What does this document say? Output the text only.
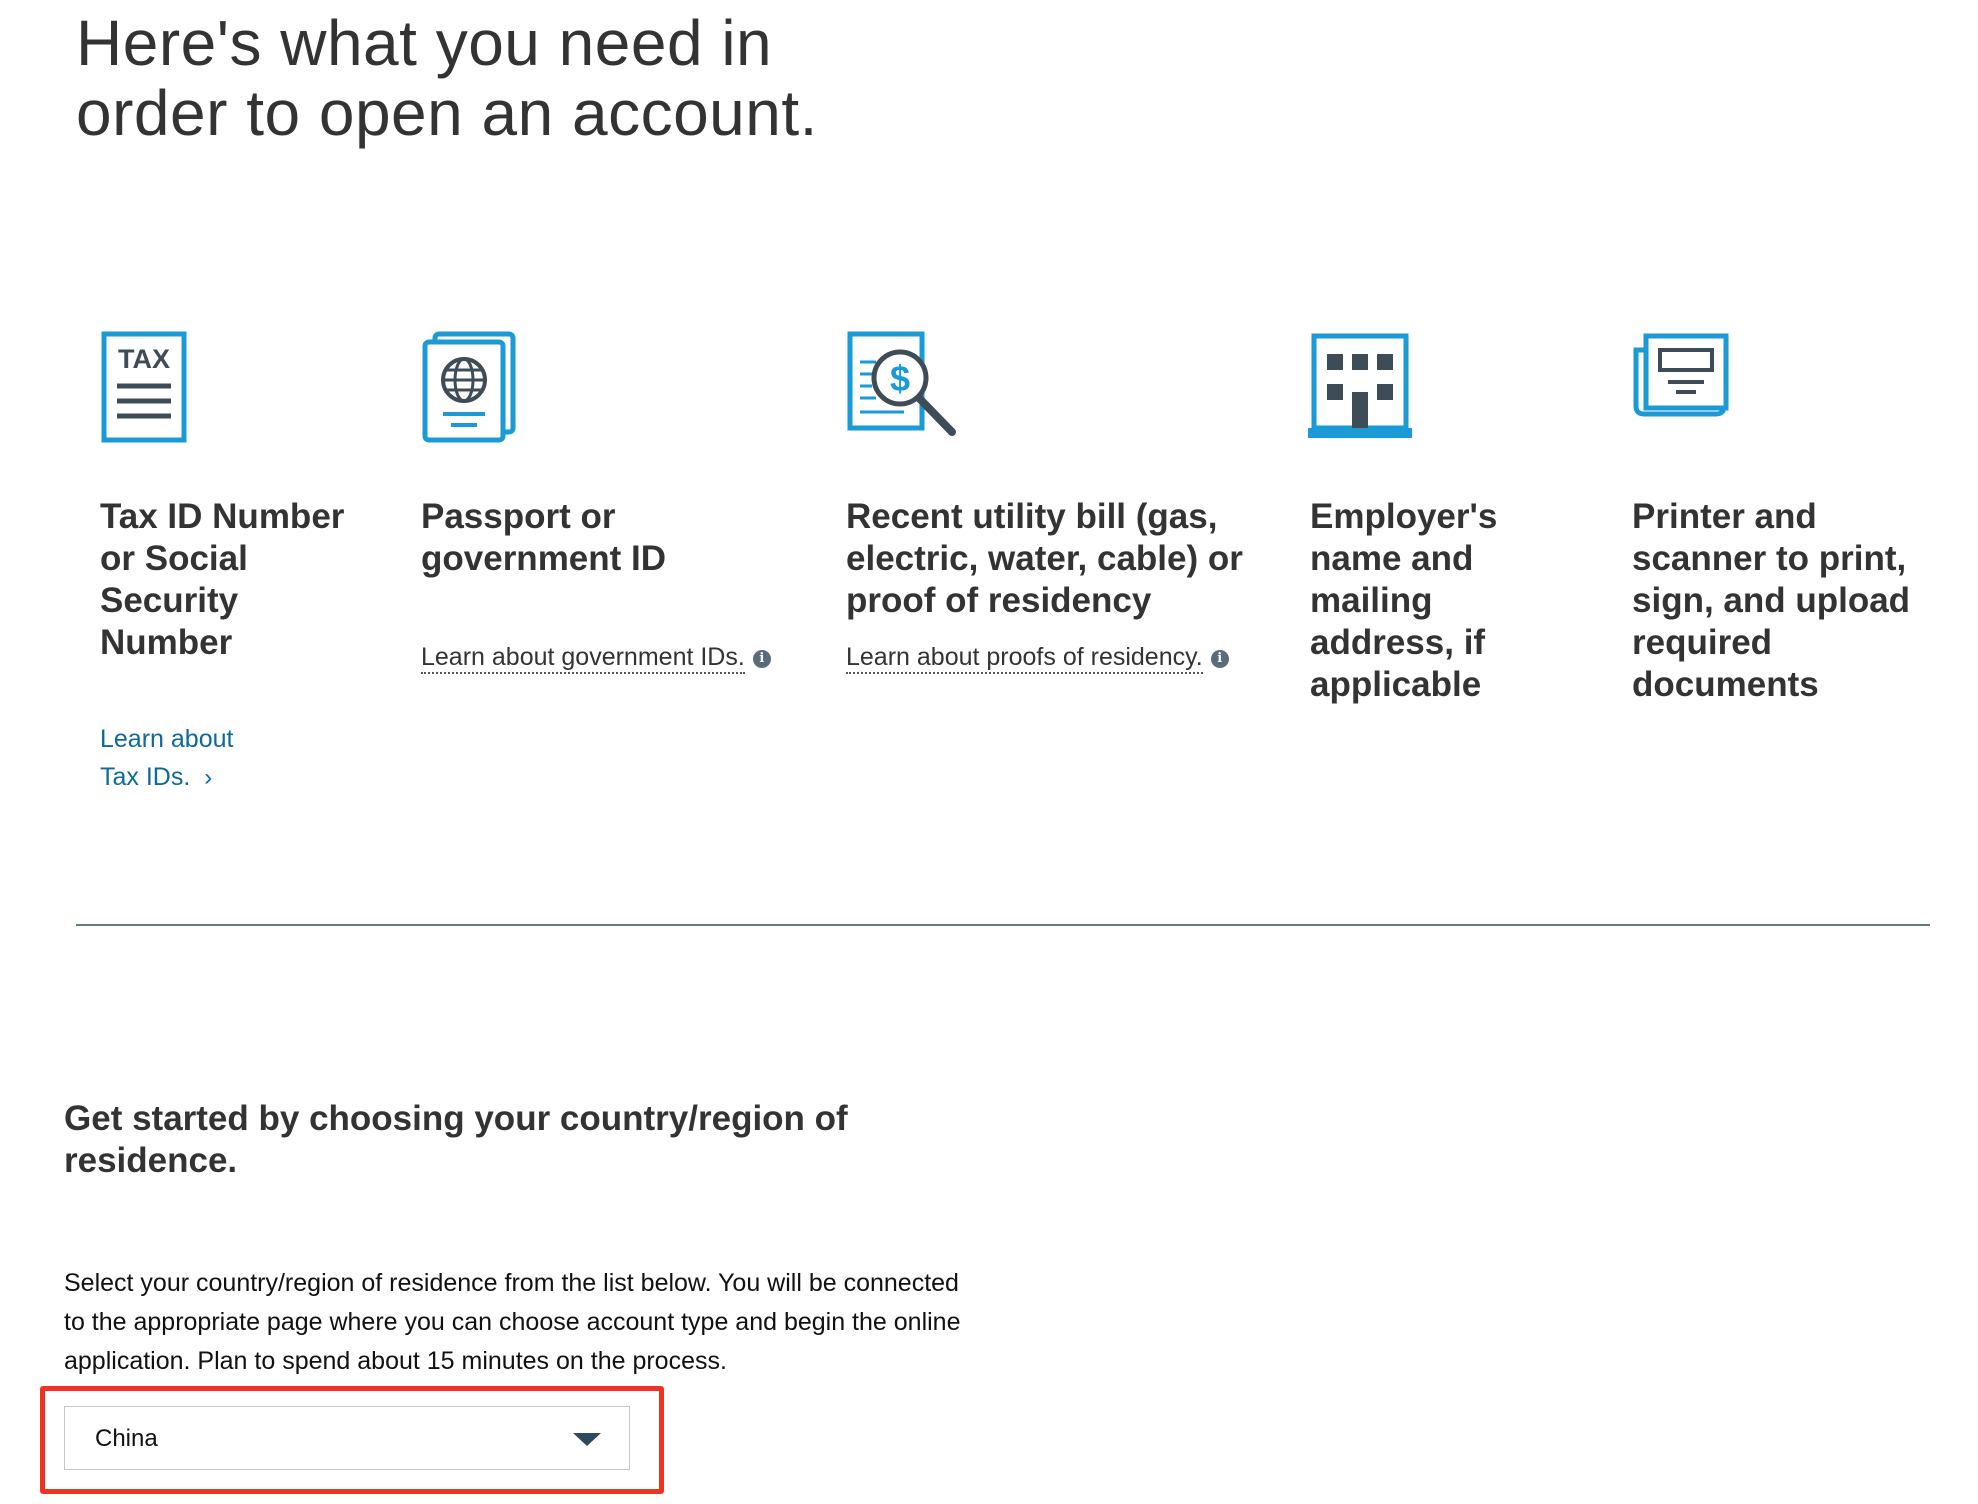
Here's what you need in order to open an account.
TAX

Tax ID Number or Social Security Number

Learn about
Tax IDs. ›

Passport or government ID

Learn about government IDs. i
$

Recent utility bill (gas, electric, water, cable) or proof of residency

Learn about proofs of residency. i

Employer's name and mailing address, if applicable

Printer and scanner to print, sign, and upload required documents

Get started by choosing your country/region of residence.

Select your country/region of residence from the list below. You will be connected to the appropriate page where you can choose account type and begin the online application. Plan to spend about 15 minutes on the process.

China
